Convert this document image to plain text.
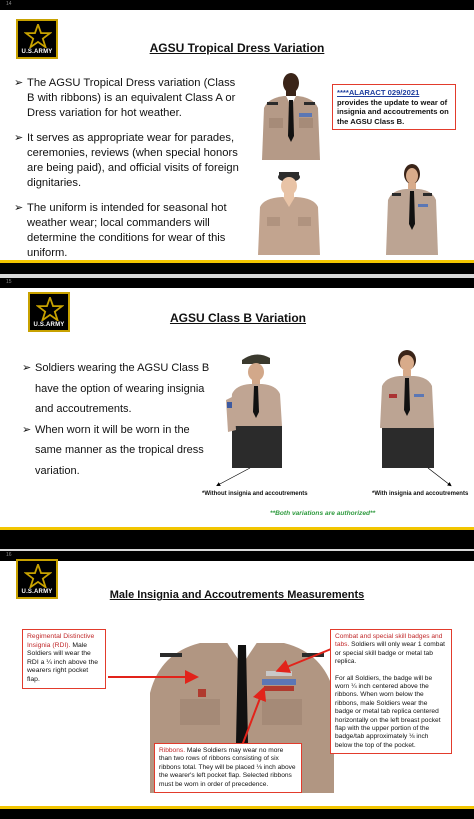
14
U.S.ARMY	AGSU Tropical Dress Variation
➢ The AGSU Tropical Dress variation (Class B with ribbons) is an equivalent Class A or Dress variation for hot weather.
➢ It serves as appropriate wear for parades, ceremonies, reviews (when special honors are being paid), and official visits of foreign dignitaries.
➢ The uniform is intended for seasonal hot weather wear; local commanders will determine the conditions for wear of this uniform.
****ALARACT 029/2021
provides the update to wear of insignia and accoutrements on the AGSU Class B.
15
U.S.ARMY	AGSU Class B Variation
➢ Soldiers wearing the AGSU Class B have the option of wearing insignia and accoutrements.
➢ When worn it will be worn in the same manner as the tropical dress variation.
*Without insignia and accoutrements	*With insignia and accoutrements
**Both variations are authorized**
16
U.S.ARMY	Male Insignia and Accoutrements Measurements
Regimental Distinctive Insignia (RDI). Male Soldiers will wear the RDI a ¼ inch above the wearers right pocket flap.
Combat and special skill badges and tabs. Soldiers will only wear 1 combat or special skill badge or metal tab replica.
For all Soldiers, the badge will be worn ¼ inch centered above the ribbons. When worn below the ribbons, male Soldiers wear the badge or metal tab replica centered horizontally on the left breast pocket flap with the upper portion of the badge/tab approximately ⅛ inch below the top of the pocket.
Ribbons. Male Soldiers may wear no more than two rows of ribbons consisting of six ribbons total. They will be placed ⅛ inch above the wearer's left pocket flap. Selected ribbons must be worn in order of precedence.
